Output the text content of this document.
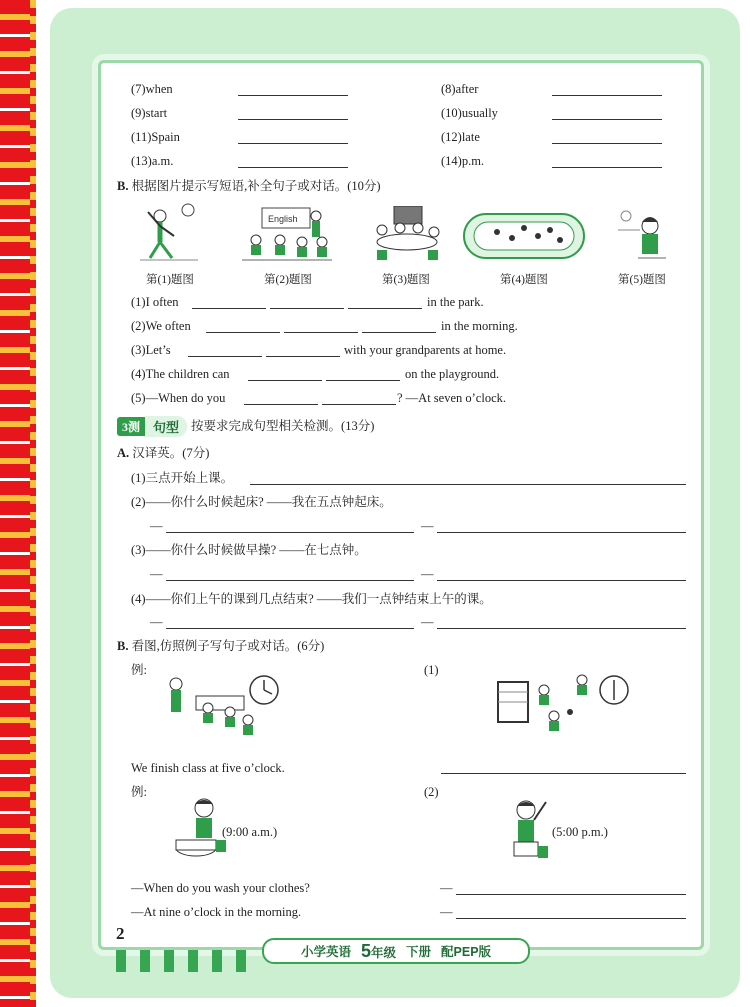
(7)when	(8)after
(9)start	(10)usually
(11)Spain	(12)late
(13)a.m.	(14)p.m.
B. 根据图片提示写短语,补全句子或对话。(10分)
English
第(1)题图	第(2)题图	第(3)题图	第(4)题图	第(5)题图
(1)I often	in the park.
(2)We often	in the morning.
(3)Let’s	with your grandparents at home.
(4)The children can	on the playground.
(5)—When do you	? —At seven o’clock.
3测	句型 按要求完成句型相关检测。(13分)
A. 汉译英。(7分)
(1)三点开始上课。
(2)——你什么时候起床? ——我在五点钟起床。
—	—
(3)——你什么时候做早操? ——在七点钟。
—	—
(4)——你们上午的课到几点结束? ——我们一点钟结束上午的课。
—	—
B. 看图,仿照例子写句子或对话。(6分)
例:	(1)
We finish class at five o’clock.
例:	(2)
(9:00 a.m.)	(5:00 p.m.)
—When do you wash your clothes?	—
—At nine o’clock in the morning.	—
2
小学英语 5年级 下册 配PEP版
